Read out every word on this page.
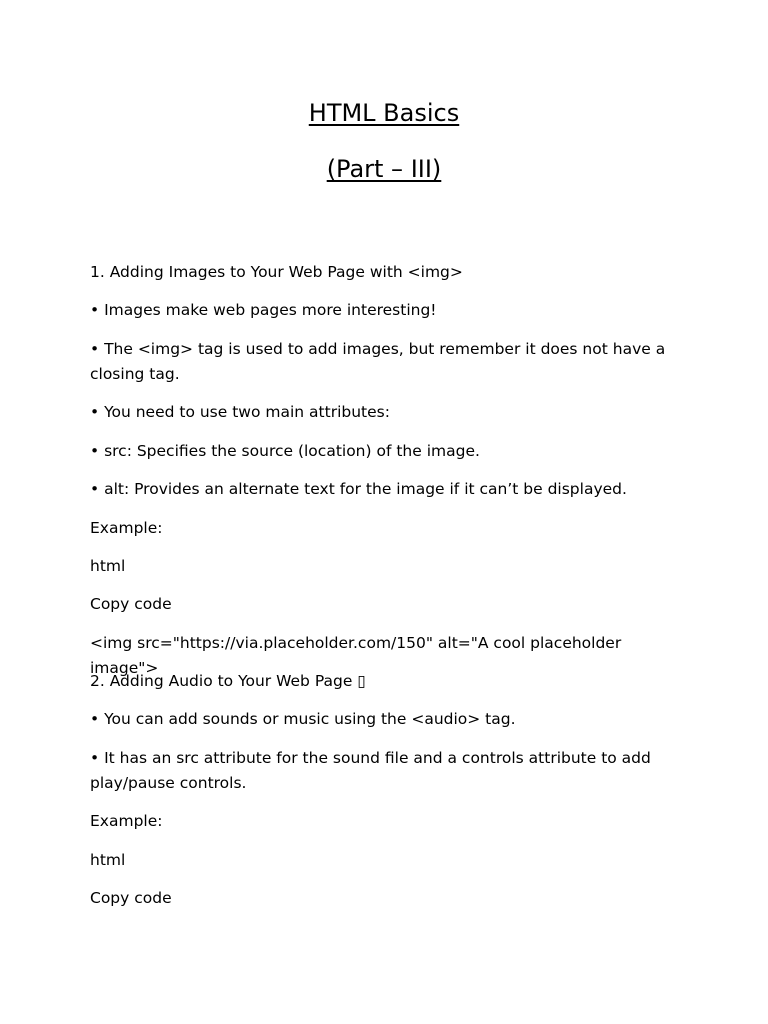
HTML Basics
(Part – III)

1. Adding Images to Your Web Page with <img>

• Images make web pages more interesting!

• The <img> tag is used to add images, but remember it does not have a closing tag.

• You need to use two main attributes:

• src: Specifies the source (location) of the image.

• alt: Provides an alternate text for the image if it can’t be displayed.

Example:

html

Copy code

<img src="https://via.placeholder.com/150" alt="A cool placeholder image">

2. Adding Audio to Your Web Page ▯

• You can add sounds or music using the <audio> tag.

• It has an src attribute for the sound file and a controls attribute to add play/pause controls.

Example:

html

Copy code
